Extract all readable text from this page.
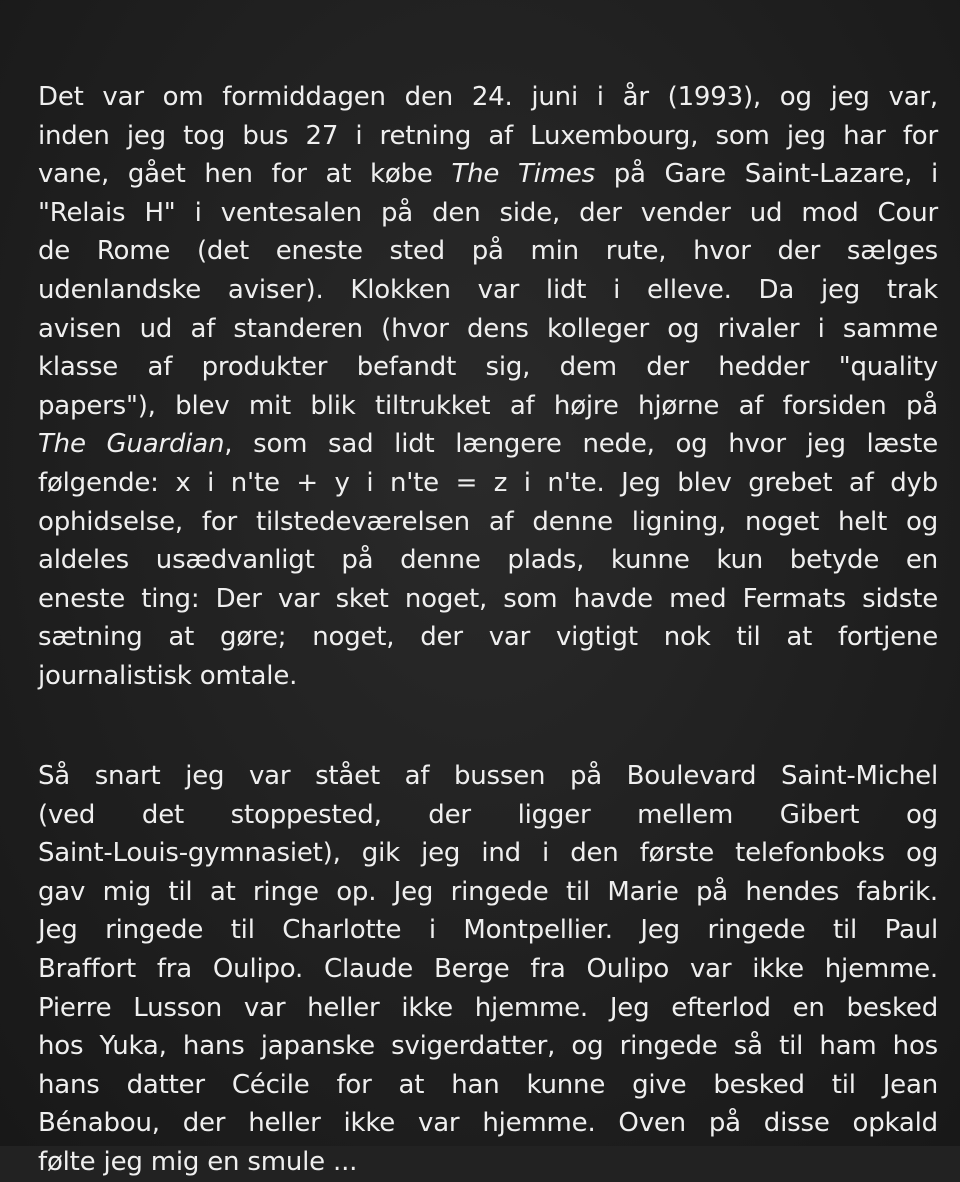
Det var om formiddagen den 24. juni i år (1993), og jeg var,
inden jeg tog bus 27 i retning af Luxembourg, som jeg har for
vane, gået hen for at købe The Times på Gare Saint-Lazare, i
"Relais H" i ventesalen på den side, der vender ud mod Cour
de Rome (det eneste sted på min rute, hvor der sælges
udenlandske aviser). Klokken var lidt i elleve. Da jeg trak
avisen ud af standeren (hvor dens kolleger og rivaler i samme
klasse af produkter befandt sig, dem der hedder "quality
papers"), blev mit blik tiltrukket af højre hjørne af forsiden på
The Guardian, som sad lidt længere nede, og hvor jeg læste
følgende: x i n'te + y i n'te = z i n'te. Jeg blev grebet af dyb
ophidselse, for tilstedeværelsen af denne ligning, noget helt og
aldeles usædvanligt på denne plads, kunne kun betyde en
eneste ting: Der var sket noget, som havde med Fermats sidste
sætning at gøre; noget, der var vigtigt nok til at fortjene
journalistisk omtale.
Så snart jeg var stået af bussen på Boulevard Saint-Michel
(ved det stoppested, der ligger mellem Gibert og
Saint-Louis-gymnasiet), gik jeg ind i den første telefonboks og
gav mig til at ringe op. Jeg ringede til Marie på hendes fabrik.
Jeg ringede til Charlotte i Montpellier. Jeg ringede til Paul
Braffort fra Oulipo. Claude Berge fra Oulipo var ikke hjemme.
Pierre Lusson var heller ikke hjemme. Jeg efterlod en besked
hos Yuka, hans japanske svigerdatter, og ringede så til ham hos
hans datter Cécile for at han kunne give besked til Jean
Bénabou, der heller ikke var hjemme. Oven på disse opkald
følte jeg mig en smule ...
